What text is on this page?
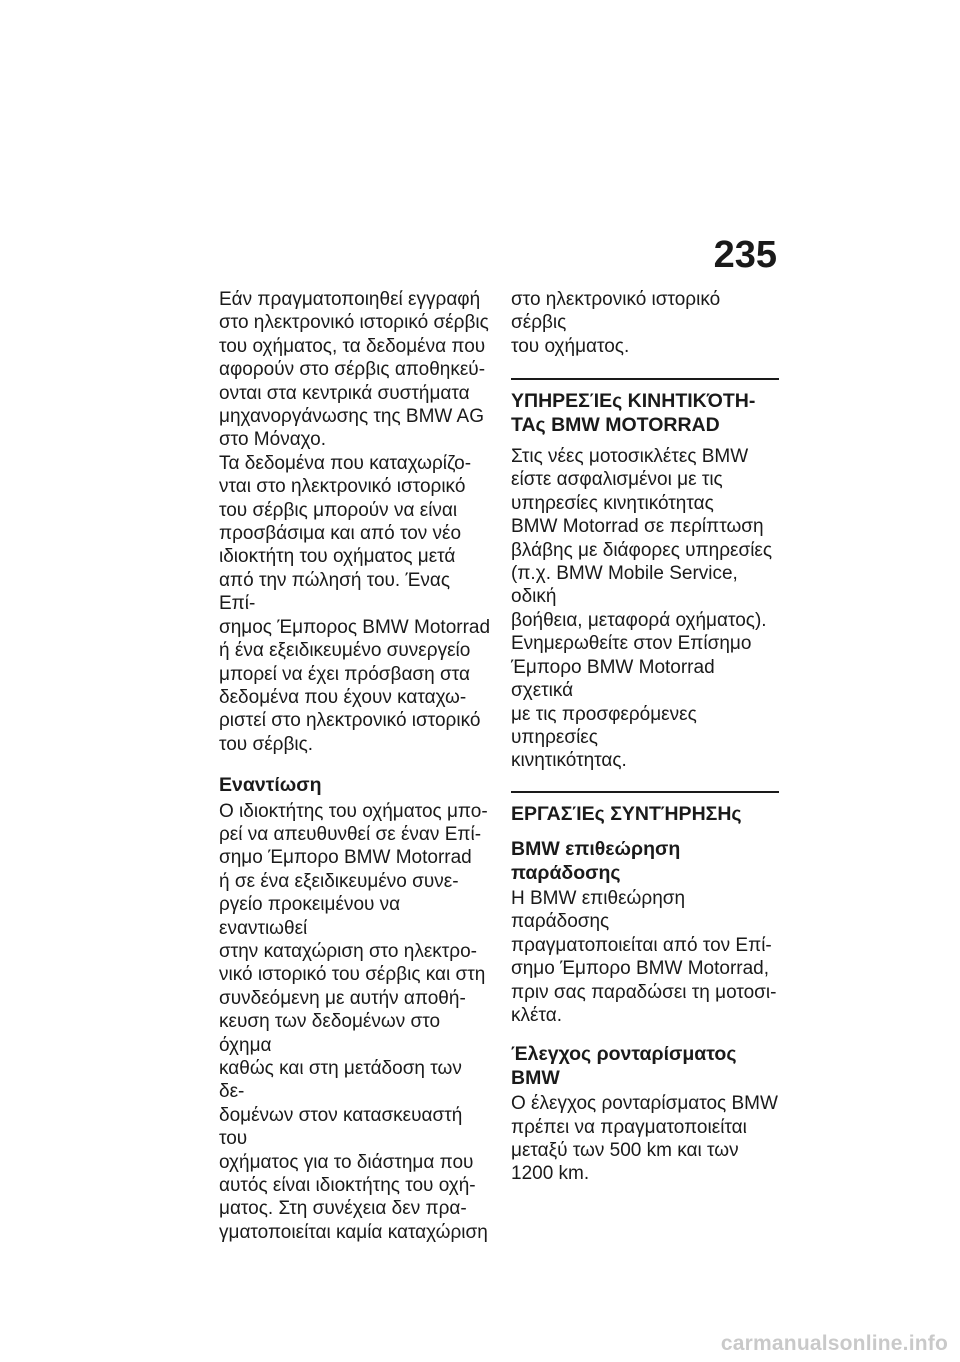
235

Εάν πραγματοποιηθεί εγγραφή
στο ηλεκτρονικό ιστορικό σέρβις
του οχήματος, τα δεδομένα που
αφορούν στο σέρβις αποθηκεύ-
ονται στα κεντρικά συστήματα
μηχανοργάνωσης της BMW AG
στο Μόναχο.

Τα δεδομένα που καταχωρίζο-
νται στο ηλεκτρονικό ιστορικό
του σέρβις μπορούν να είναι
προσβάσιμα και από τον νέο
ιδιοκτήτη του οχήματος μετά
από την πώλησή του. Ένας Επί-
σημος Έμπορος BMW Motorrad
ή ένα εξειδικευμένο συνεργείο
μπορεί να έχει πρόσβαση στα
δεδομένα που έχουν καταχω-
ριστεί στο ηλεκτρονικό ιστορικό
του σέρβις.

Εναντίωση

Ο ιδιοκτήτης του οχήματος μπο-
ρεί να απευθυνθεί σε έναν Επί-
σημο Έμπορο BMW Motorrad
ή σε ένα εξειδικευμένο συνε-
ργείο προκειμένου να εναντιωθεί
στην καταχώριση στο ηλεκτρο-
νικό ιστορικό του σέρβις και στη
συνδεόμενη με αυτήν αποθή-
κευση των δεδομένων στο όχημα
καθώς και στη μετάδοση των δε-
δομένων στον κατασκευαστή του
οχήματος για το διάστημα που
αυτός είναι ιδιοκτήτης του οχή-
ματος. Στη συνέχεια δεν πρα-
γματοποιείται καμία καταχώριση

στο ηλεκτρονικό ιστορικό σέρβις
του οχήματος.

ΥΠΗΡΕΣΊΕς ΚΙΝΗΤΙΚΌΤΗ-
ΤΑς BMW MOTORRAD

Στις νέες μοτοσικλέτες BMW
είστε ασφαλισμένοι με τις
υπηρεσίες κινητικότητας
BMW Motorrad σε περίπτωση
βλάβης με διάφορες υπηρεσίες
(π.χ. BMW Mobile Service, οδική
βοήθεια, μεταφορά οχήματος).
Ενημερωθείτε στον Επίσημο
Έμπορο BMW Motorrad σχετικά
με τις προσφερόμενες υπηρεσίες
κινητικότητας.

ΕΡΓΑΣΊΕς ΣΥΝΤΉΡΗΣΗς
BMW επιθεώρηση
παράδοσης

Η BMW επιθεώρηση παράδοσης
πραγματοποιείται από τον Επί-
σημο Έμπορο BMW Motorrad,
πριν σας παραδώσει τη μοτοσι-
κλέτα.

Έλεγχος ρονταρίσματος
BMW

Ο έλεγχος ρονταρίσματος BMW
πρέπει να πραγματοποιείται
μεταξύ των 500 km και των
1200 km.

carmanualsonline.info
